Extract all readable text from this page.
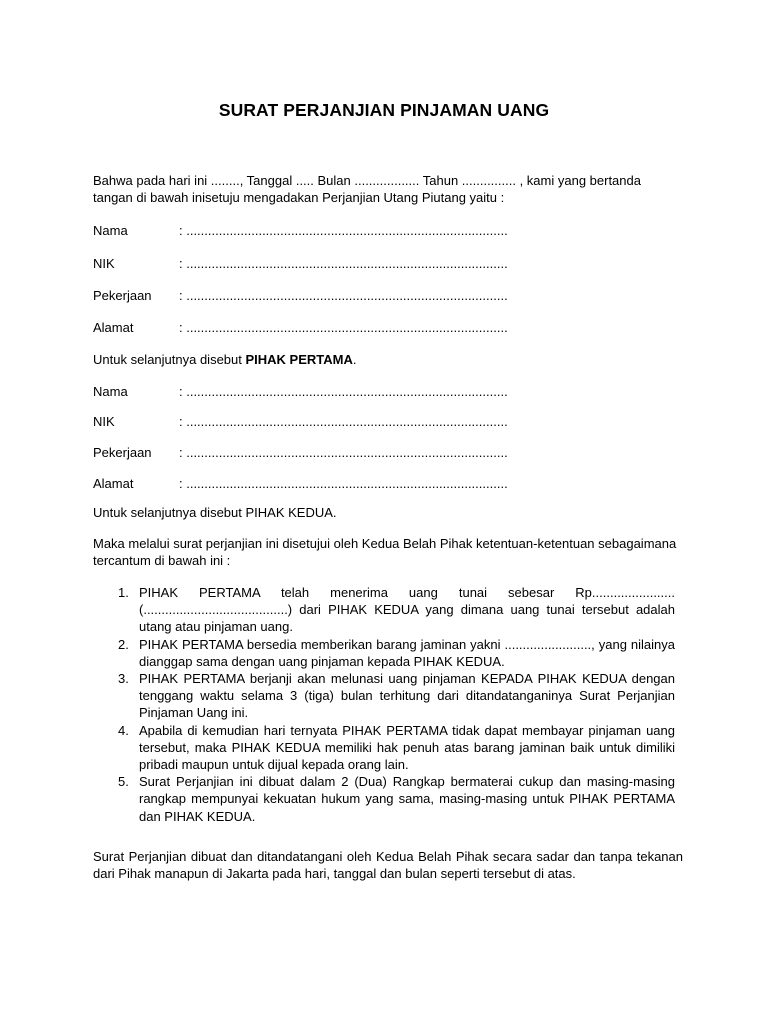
SURAT PERJANJIAN PINJAMAN UANG
Bahwa pada hari ini ........, Tanggal ..... Bulan .................. Tahun ............... , kami yang bertanda tangan di bawah inisetuju mengadakan Perjanjian Utang Piutang yaitu :
Nama	: .........................................................................................
NIK	: .........................................................................................
Pekerjaan : .........................................................................................
Alamat	: .........................................................................................
Untuk selanjutnya disebut PIHAK PERTAMA.
Nama	: .........................................................................................
NIK	: .........................................................................................
Pekerjaan : .........................................................................................
Alamat	: .........................................................................................
Untuk selanjutnya disebut PIHAK KEDUA.
Maka melalui surat perjanjian ini disetujui oleh Kedua Belah Pihak ketentuan-ketentuan sebagaimana tercantum di bawah ini :
1. PIHAK PERTAMA telah menerima uang tunai sebesar Rp....................... (........................................) dari PIHAK KEDUA yang dimana uang tunai tersebut adalah utang atau pinjaman uang.
2. PIHAK PERTAMA bersedia memberikan barang jaminan yakni ........................, yang nilainya dianggap sama dengan uang pinjaman kepada PIHAK KEDUA.
3. PIHAK PERTAMA berjanji akan melunasi uang pinjaman KEPADA PIHAK KEDUA dengan tenggang waktu selama 3 (tiga) bulan terhitung dari ditandatanganinya Surat Perjanjian Pinjaman Uang ini.
4. Apabila di kemudian hari ternyata PIHAK PERTAMA tidak dapat membayar pinjaman uang tersebut, maka PIHAK KEDUA memiliki hak penuh atas barang jaminan baik untuk dimiliki pribadi maupun untuk dijual kepada orang lain.
5. Surat Perjanjian ini dibuat dalam 2 (Dua) Rangkap bermaterai cukup dan masing-masing rangkap mempunyai kekuatan hukum yang sama, masing-masing untuk PIHAK PERTAMA dan PIHAK KEDUA.
Surat Perjanjian dibuat dan ditandatangani oleh Kedua Belah Pihak secara sadar dan tanpa tekanan dari Pihak manapun di Jakarta pada hari, tanggal dan bulan seperti tersebut di atas.
